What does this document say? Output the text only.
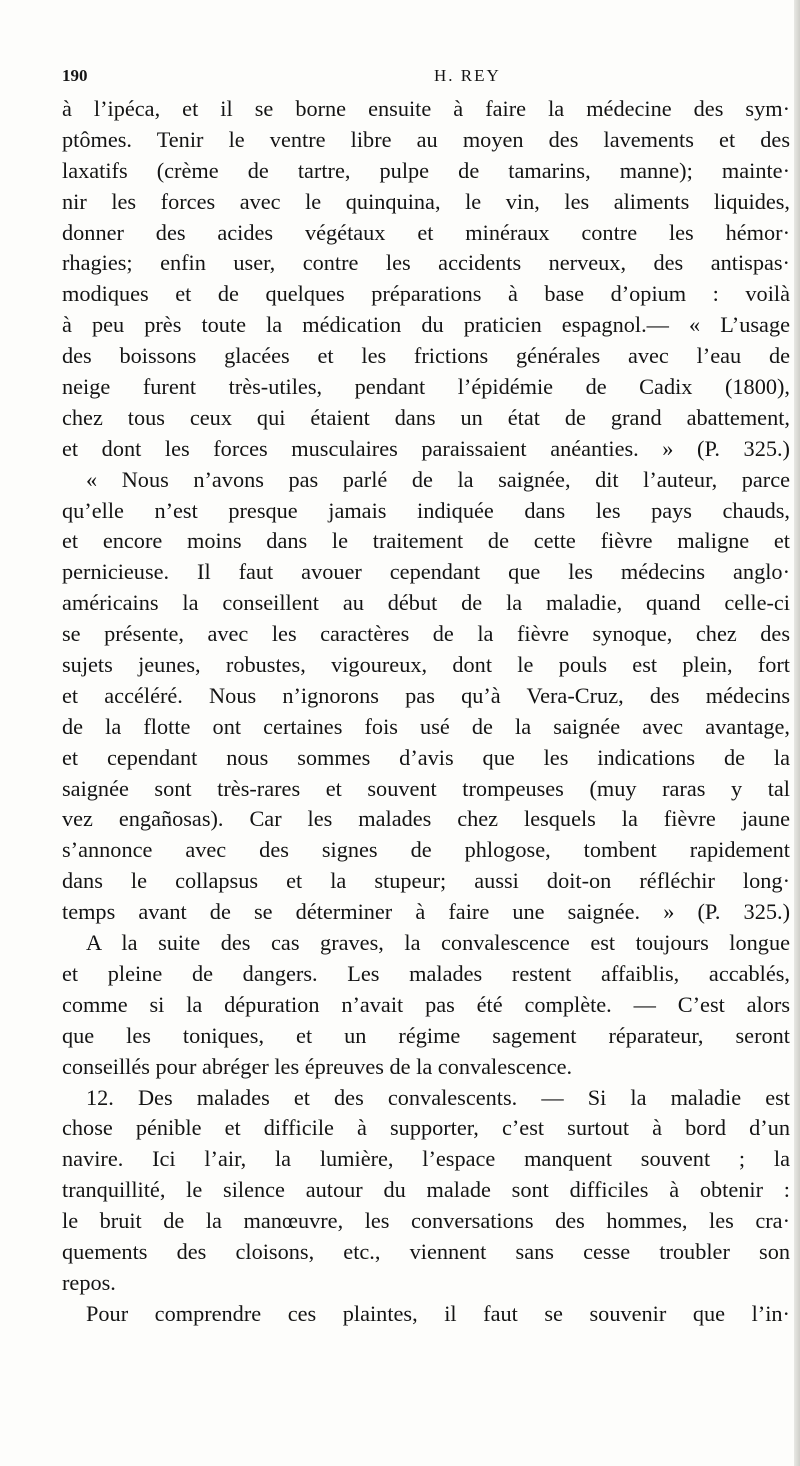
190	H. REY
à l’ipéca, et il se borne ensuite à faire la médecine des sym·
ptômes. Tenir le ventre libre au moyen des lavements et des
laxatifs (crème de tartre, pulpe de tamarins, manne); mainte·
nir les forces avec le quinquina, le vin, les aliments liquides,
donner des acides végétaux et minéraux contre les hémor·
rhagies; enfin user, contre les accidents nerveux, des antispas·
modiques et de quelques préparations à base d’opium : voilà
à peu près toute la médication du praticien espagnol.— « L’usage
des boissons glacées et les frictions générales avec l’eau de
neige furent très-utiles, pendant l’épidémie de Cadix (1800),
chez tous ceux qui étaient dans un état de grand abattement,
et dont les forces musculaires paraissaient anéanties. » (P. 325.)
« Nous n’avons pas parlé de la saignée, dit l’auteur, parce
qu’elle n’est presque jamais indiquée dans les pays chauds,
et encore moins dans le traitement de cette fièvre maligne et
pernicieuse. Il faut avouer cependant que les médecins anglo·
américains la conseillent au début de la maladie, quand celle-ci
se présente, avec les caractères de la fièvre synoque, chez des
sujets jeunes, robustes, vigoureux, dont le pouls est plein, fort
et accéléré. Nous n’ignorons pas qu’à Vera-Cruz, des médecins
de la flotte ont certaines fois usé de la saignée avec avantage,
et cependant nous sommes d’avis que les indications de la
saignée sont très-rares et souvent trompeuses (muy raras y tal
vez engañosas). Car les malades chez lesquels la fièvre jaune
s’annonce avec des signes de phlogose, tombent rapidement
dans le collapsus et la stupeur; aussi doit-on réfléchir long·
temps avant de se déterminer à faire une saignée. » (P. 325.)
A la suite des cas graves, la convalescence est toujours longue
et pleine de dangers. Les malades restent affaiblis, accablés,
comme si la dépuration n’avait pas été complète. — C’est alors
que les toniques, et un régime sagement réparateur, seront
conseillés pour abréger les épreuves de la convalescence.
12. Des malades et des convalescents. — Si la maladie est
chose pénible et difficile à supporter, c’est surtout à bord d’un
navire. Ici l’air, la lumière, l’espace manquent souvent ; la
tranquillité, le silence autour du malade sont difficiles à obtenir :
le bruit de la manœuvre, les conversations des hommes, les cra·
quements des cloisons, etc., viennent sans cesse troubler son
repos.
Pour comprendre ces plaintes, il faut se souvenir que l’in·
